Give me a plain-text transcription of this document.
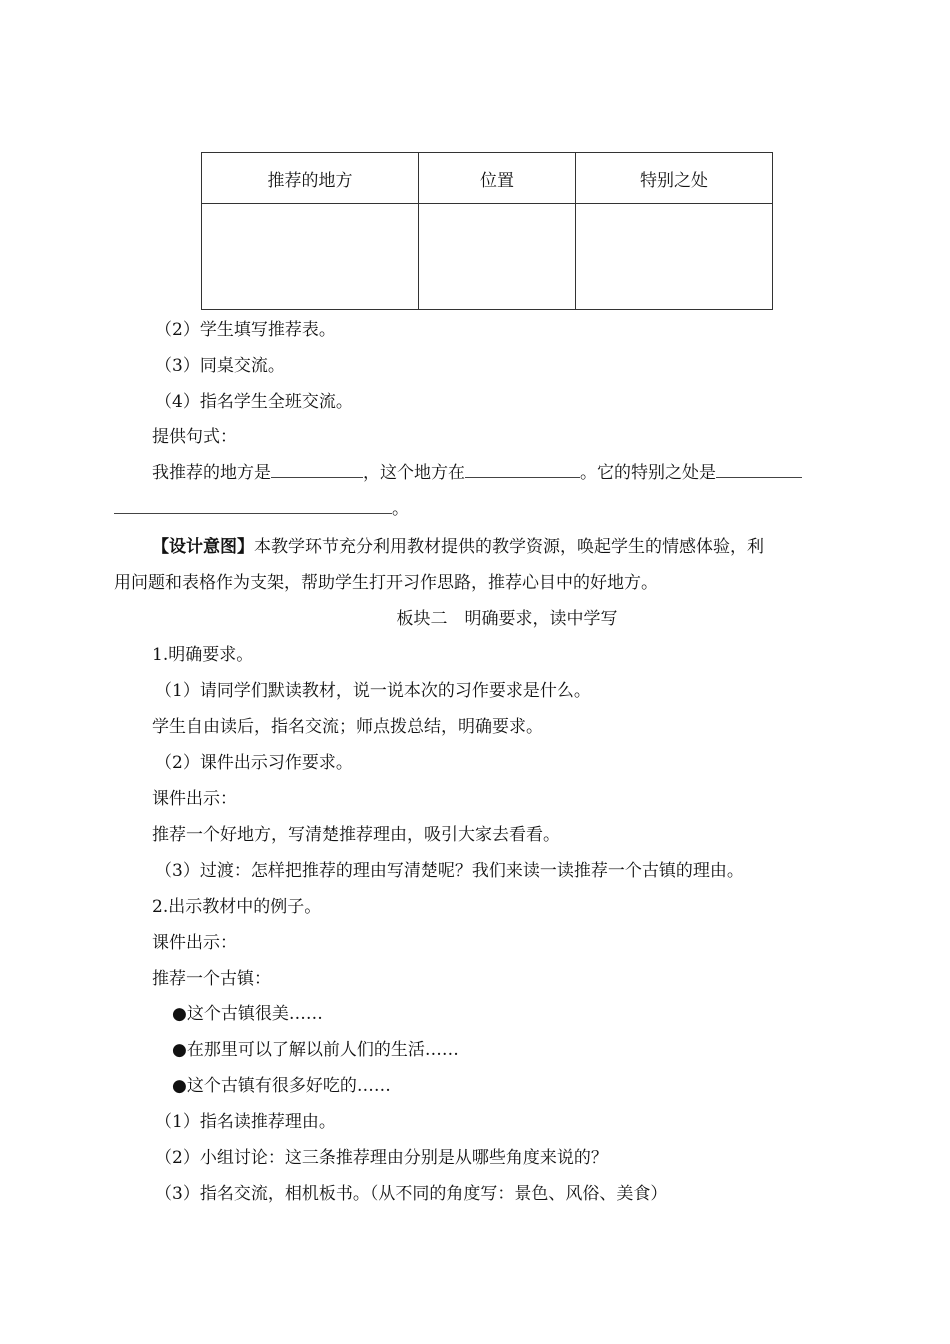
推荐的地方	位置	特别之处

（2）学生填写推荐表。
（3）同桌交流。
（4）指名学生全班交流。
提供句式：
我推荐的地方是	，这个地方在	。它的特别之处是
。
【设计意图】本教学环节充分利用教材提供的教学资源，唤起学生的情感体验，利
用问题和表格作为支架，帮助学生打开习作思路，推荐心目中的好地方。
板块二　明确要求，读中学写
1.明确要求。
（1）请同学们默读教材，说一说本次的习作要求是什么。
学生自由读后，指名交流；师点拨总结，明确要求。
（2）课件出示习作要求。
课件出示：
推荐一个好地方，写清楚推荐理由，吸引大家去看看。
（3）过渡：怎样把推荐的理由写清楚呢？我们来读一读推荐一个古镇的理由。
2.出示教材中的例子。
课件出示：
推荐一个古镇：
●这个古镇很美……
●在那里可以了解以前人们的生活……
●这个古镇有很多好吃的……
（1）指名读推荐理由。
（2）小组讨论：这三条推荐理由分别是从哪些角度来说的？
（3）指名交流，相机板书。（从不同的角度写：景色、风俗、美食）
